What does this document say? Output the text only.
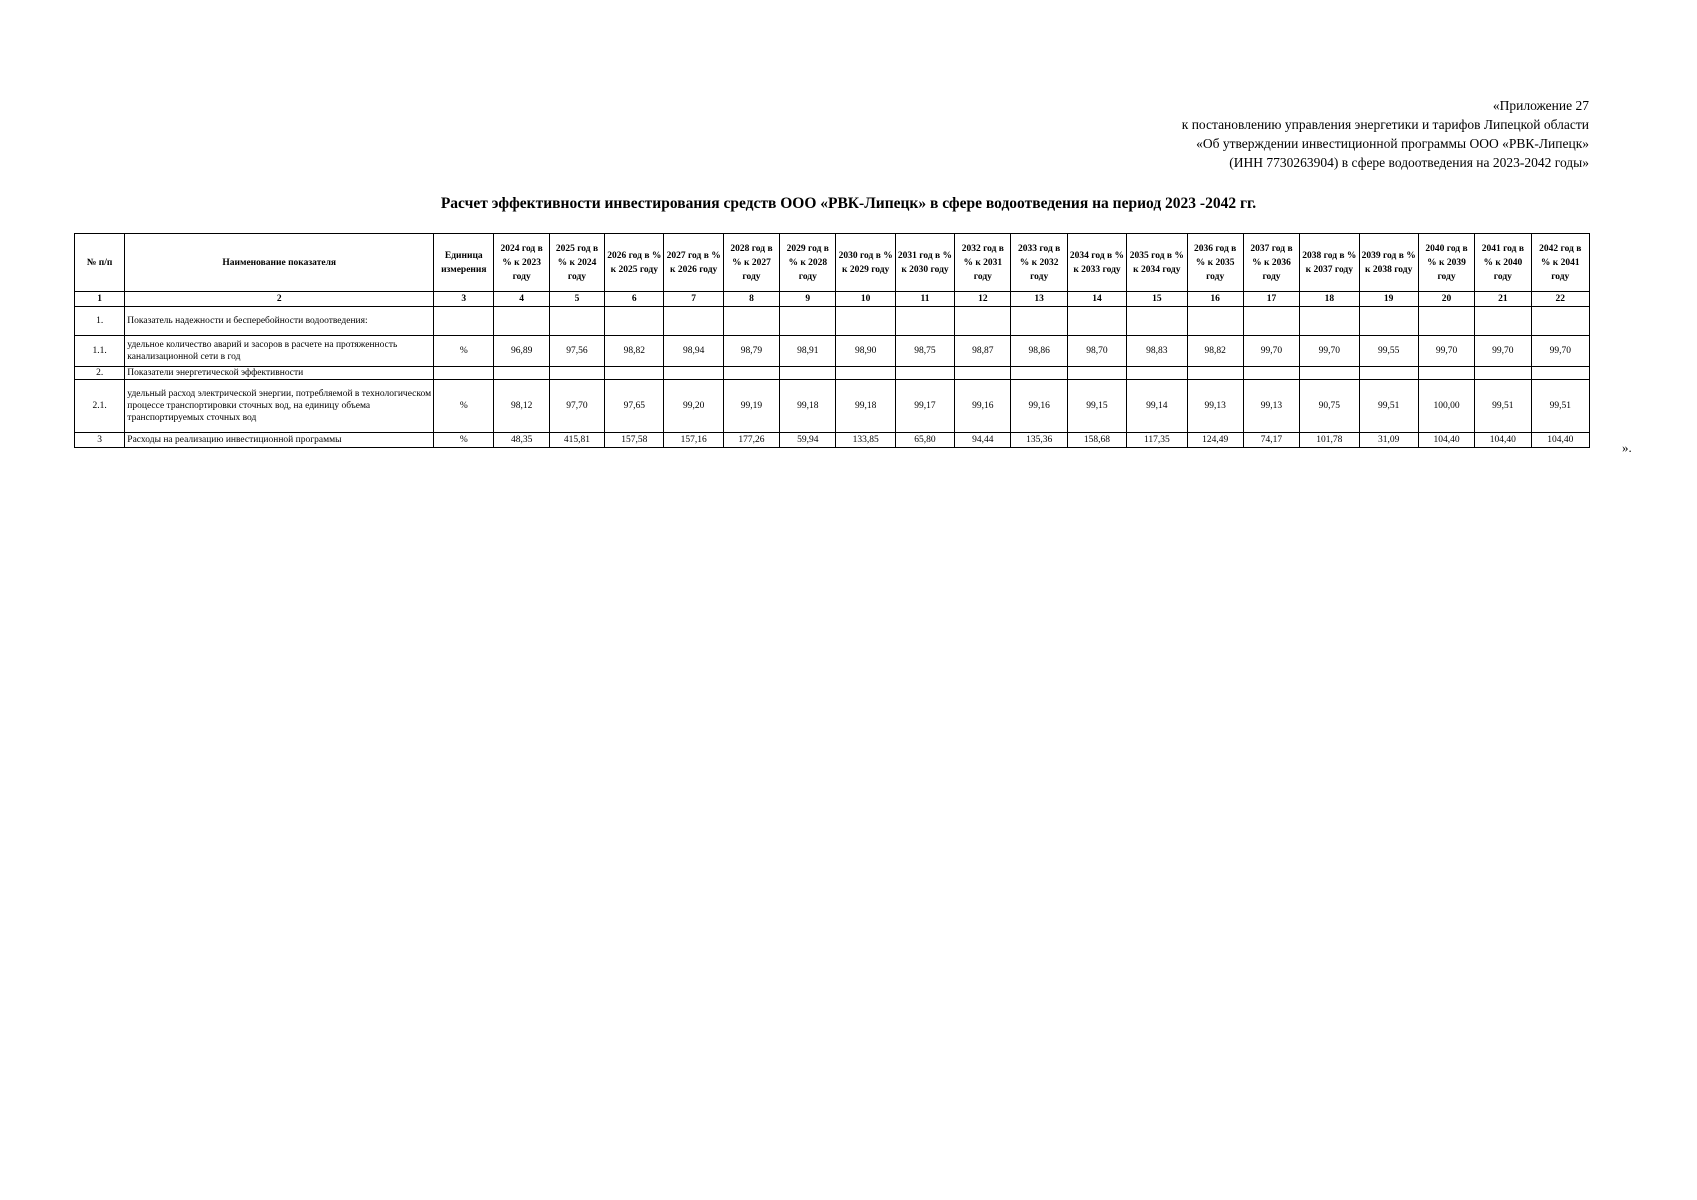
«Приложение 27
к постановлению управления энергетики и тарифов Липецкой области
«Об утверждении инвестиционной программы ООО «РВК-Липецк»
(ИНН 7730263904) в сфере водоотведения на 2023-2042 годы»
Расчет эффективности инвестирования средств ООО «РВК-Липецк» в сфере водоотведения на период 2023 -2042 гг.
№ п/п	Наименование показателя	Единица измерения	2024 год в % к 2023 году	2025 год в % к 2024 году	2026 год в % к 2025 году	2027 год в % к 2026 году	2028 год в % к 2027 году	2029 год в % к 2028 году	2030 год в % к 2029 году	2031 год в % к 2030 году	2032 год в % к 2031 году	2033 год в % к 2032 году	2034 год в % к 2033 году	2035 год в % к 2034 году	2036 год в % к 2035 году	2037 год в % к 2036 году	2038 год в % к 2037 году	2039 год в % к 2038 году	2040 год в % к 2039 году	2041 год в % к 2040 году	2042 год в % к 2041 году
1	2	3	4	5	6	7	8	9	10	11	12	13	14	15	16	17	18	19	20	21	22
1.	Показатель надежности и бесперебойности водоотведения:																				
1.1.	удельное количество аварий и засоров в расчете на протяженность канализационной сети в год	%	96,89	97,56	98,82	98,94	98,79	98,91	98,90	98,75	98,87	98,86	98,70	98,83	98,82	99,70	99,70	99,55	99,70	99,70	99,70
2.	Показатели энергетической эффективности																				
2.1.	удельный расход электрической энергии, потребляемой в технологическом процессе транспортировки сточных вод, на единицу объема транспортируемых сточных вод	%	98,12	97,70	97,65	99,20	99,19	99,18	99,18	99,17	99,16	99,16	99,15	99,14	99,13	99,13	90,75	99,51	100,00	99,51	99,51
3	Расходы на реализацию инвестиционной программы	%	48,35	415,81	157,58	157,16	177,26	59,94	133,85	65,80	94,44	135,36	158,68	117,35	124,49	74,17	101,78	31,09	104,40	104,40	104,40	».
